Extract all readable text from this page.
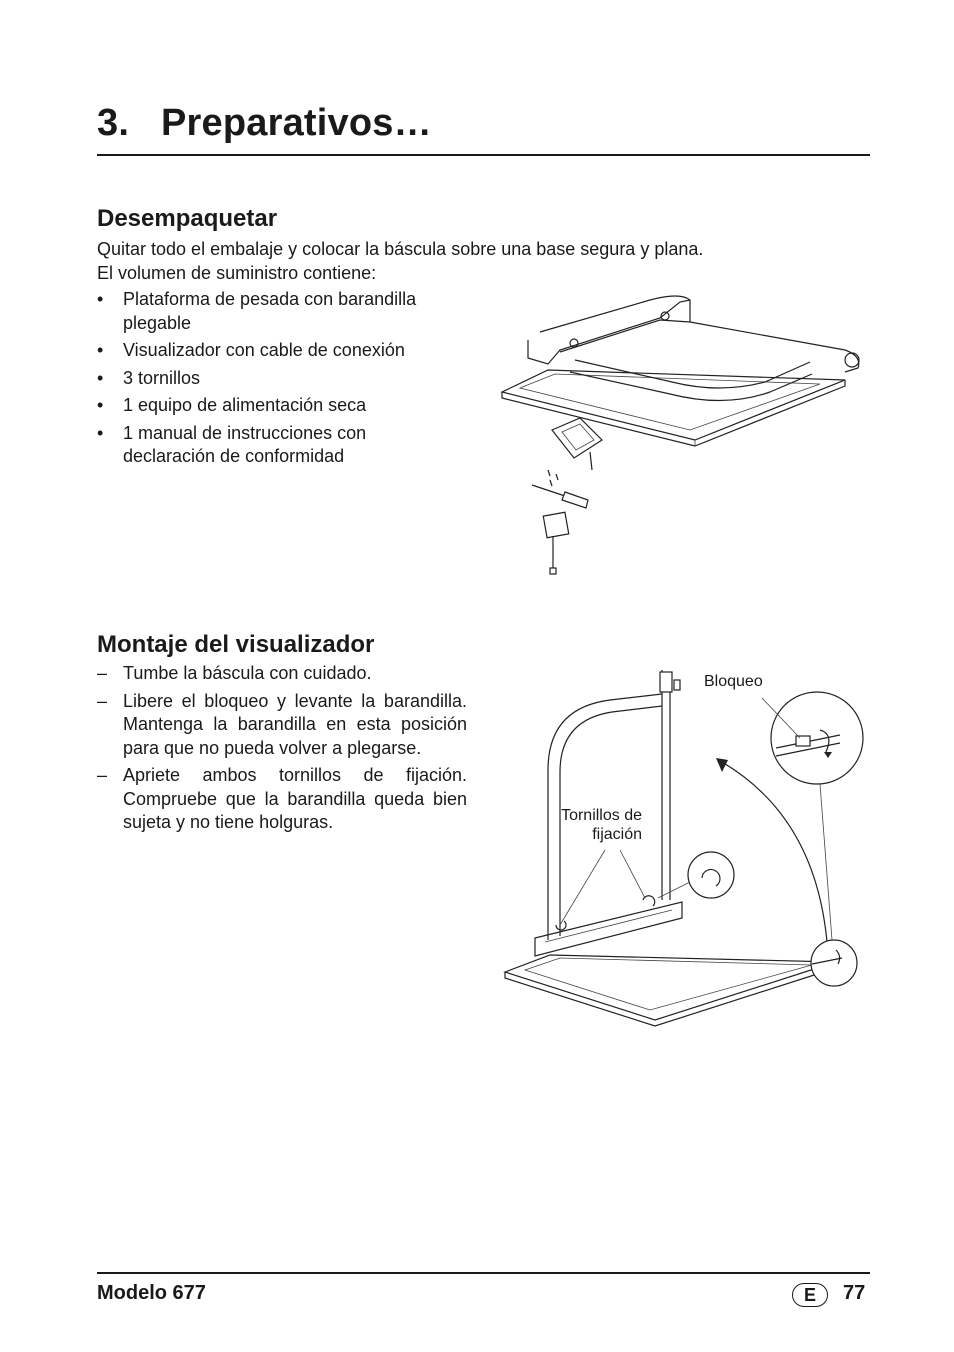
3. Preparativos…
Desempaquetar
Quitar todo el embalaje y colocar la báscula sobre una base segura y plana.
El volumen de suministro contiene:
• Plataforma de pesada con barandilla plegable
• Visualizador con cable de conexión
• 3 tornillos
• 1 equipo de alimentación seca
• 1 manual de instrucciones con declaración de conformidad
Montaje del visualizador
– Tumbe la báscula con cuidado.
– Libere el bloqueo y levante la barandilla. Mantenga la barandilla en esta posición para que no pueda volver a plegarse.
– Apriete ambos tornillos de fijación. Compruebe que la barandilla queda bien sujeta y no tiene holguras.
Bloqueo
Tornillos de
fijación
Modelo 677	E	77
